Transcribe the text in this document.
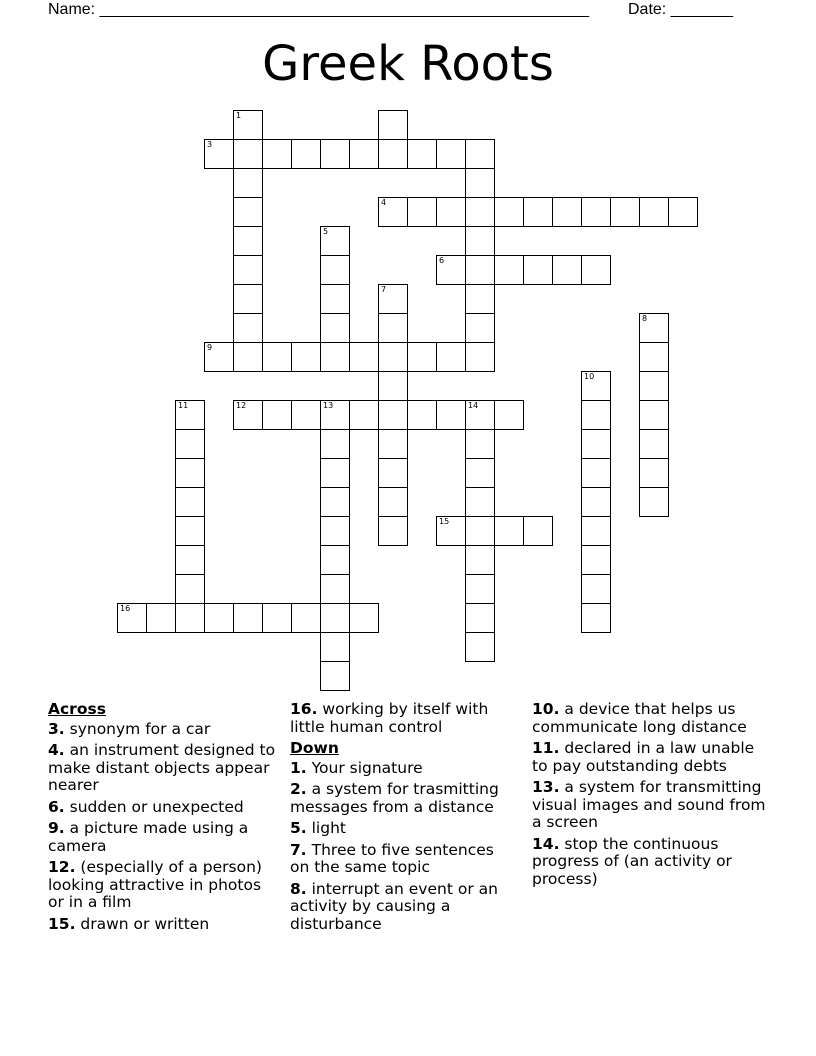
Name: _______________________________________________________ Date: _______
Greek Roots
1
3
4
5
6
7
8
9
10
11	12	13	14
15
16
Across
3. synonym for a car
4. an instrument designed to make distant objects appear nearer
6. sudden or unexpected
9. a picture made using a camera
12. (especially of a person) looking attractive in photos or in a film
15. drawn or written
16. working by itself with little human control
Down
1. Your signature
2. a system for trasmitting messages from a distance
5. light
7. Three to five sentences on the same topic
8. interrupt an event or an activity by causing a disturbance
10. a device that helps us communicate long distance
11. declared in a law unable to pay outstanding debts
13. a system for transmitting visual images and sound from a screen
14. stop the continuous progress of (an activity or process)
